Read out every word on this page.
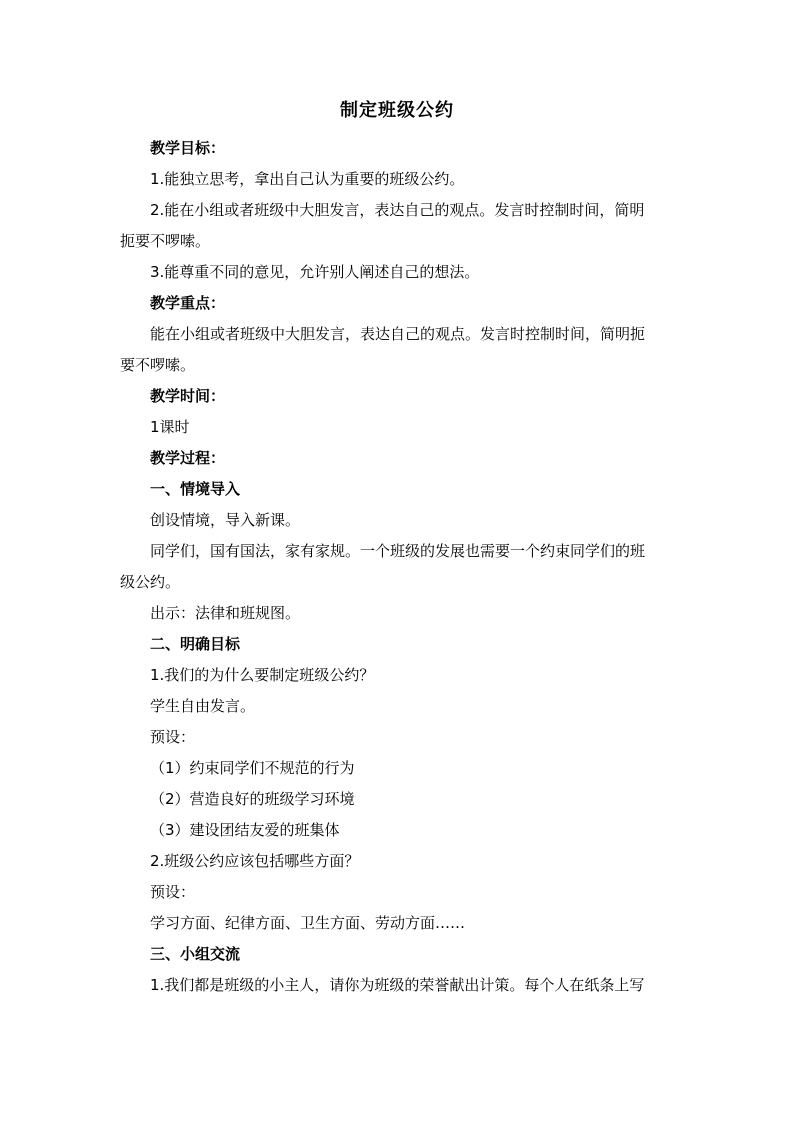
制定班级公约
教学目标：
1.能独立思考，拿出自己认为重要的班级公约。
2.能在小组或者班级中大胆发言，表达自己的观点。发言时控制时间，简明
扼要不啰嗦。
3.能尊重不同的意见，允许别人阐述自己的想法。
教学重点：
能在小组或者班级中大胆发言，表达自己的观点。发言时控制时间，简明扼
要不啰嗦。
教学时间：
1课时
教学过程：
一、情境导入
创设情境，导入新课。
同学们，国有国法，家有家规。一个班级的发展也需要一个约束同学们的班
级公约。
出示：法律和班规图。
二、明确目标
1.我们的为什么要制定班级公约？
学生自由发言。
预设：
（1）约束同学们不规范的行为
（2）营造良好的班级学习环境
（3）建设团结友爱的班集体
2.班级公约应该包括哪些方面？
预设：
学习方面、纪律方面、卫生方面、劳动方面……
三、小组交流
1.我们都是班级的小主人，请你为班级的荣誉献出计策。每个人在纸条上写
